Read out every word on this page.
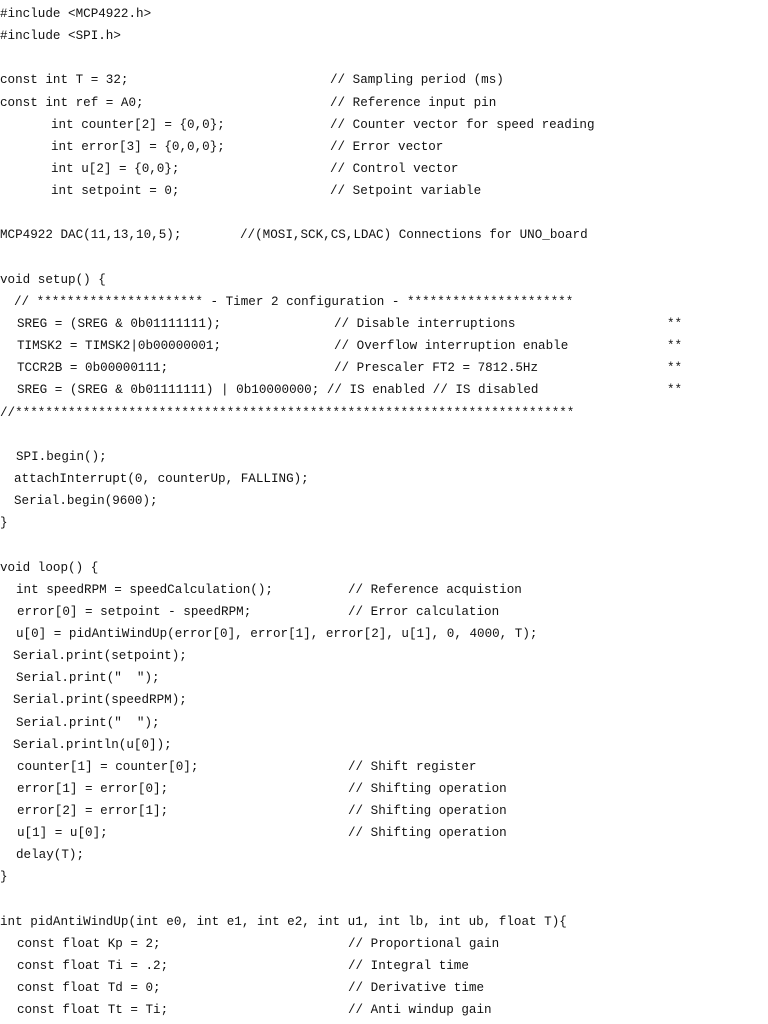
#include <MCP4922.h>

#include <SPI.h>

const int T = 32;

	// Sampling period (ms)

const int ref = A0;

	// Reference input pin

int counter[2] = {0,0};

	// Counter vector for speed reading

int error[3] = {0,0,0};

	// Error vector

int u[2] = {0,0};

	// Control vector

int setpoint = 0;

	// Setpoint variable

MCP4922 DAC(11,13,10,5);

	//(MOSI,SCK,CS,LDAC) Connections for UNO_board

void setup() {

// ********************** - Timer 2 configuration - **********************

SREG = (SREG & 0b01111111);

	// Disable interruptions

	**

TIMSK2 = TIMSK2|0b00000001;

	// Overflow interruption enable

	**

TCCR2B = 0b00000111;

	// Prescaler FT2 = 7812.5Hz

	**

SREG = (SREG & 0b01111111) | 0b10000000; // IS enabled // IS disabled

	**

//**************************************************************************

SPI.begin();

attachInterrupt(0, counterUp, FALLING);

Serial.begin(9600);

}

void loop() {

int speedRPM = speedCalculation();

	// Reference acquistion

error[0] = setpoint - speedRPM;

	// Error calculation

u[0] = pidAntiWindUp(error[0], error[1], error[2], u[1], 0, 4000, T);

Serial.print(setpoint);

Serial.print("  ");

Serial.print(speedRPM);

Serial.print("  ");

Serial.println(u[0]);

counter[1] = counter[0];

	// Shift register

error[1] = error[0];

	// Shifting operation

error[2] = error[1];

	// Shifting operation

u[1] = u[0];

	// Shifting operation

delay(T);

}

int pidAntiWindUp(int e0, int e1, int e2, int u1, int lb, int ub, float T){

const float Kp = 2;

	// Proportional gain

const float Ti = .2;

	// Integral time

const float Td = 0;

	// Derivative time

const float Tt = Ti;

	// Anti windup gain
